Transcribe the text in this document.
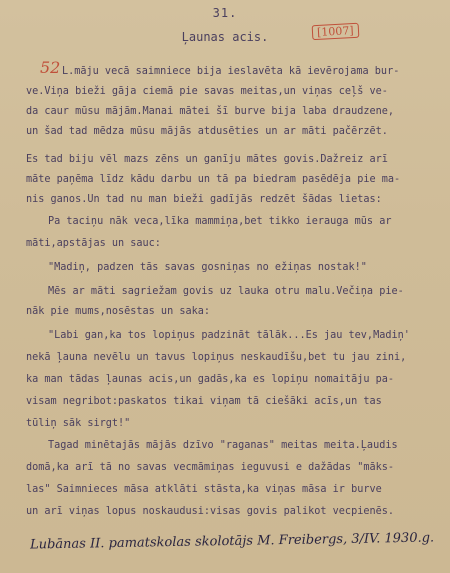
31.
Ļaunas acis.	[1007]
52 L.māju vecā saimniece bija ieslavēta kā ievērojama bur-
ve.Viņa bieži gāja ciemā pie savas meitas,un viņas ceļš ve-
da caur mūsu mājām.Manai mātei šī burve bija laba draudzene,
un šad tad mēdza mūsu mājās atdusēties un ar māti pačērzēt.
Es tad biju vēl mazs zēns un ganīju mātes govis.Dažreiz arī
māte paņēma līdz kādu darbu un tā pa biedram pasēdēja pie ma-
nis ganos.Un tad nu man bieži gadījās redzēt šādas lietas:
Pa taciņu nāk veca,līka mammiņa,bet tikko ierauga mūs ar
māti,apstājas un sauc:
"Madiņ, padzen tās savas gosniņas no ežiņas nostak!"
Mēs ar māti sagriežam govis uz lauka otru malu.Večiņa pie-
nāk pie mums,nosēstas un saka:
"Labi gan,ka tos lopiņus padzināt tālāk...Es jau tev,Madiņ'
nekā ļauna nevēlu un tavus lopiņus neskaudīšu,bet tu jau zini,
ka man tādas ļaunas acis,un gadās,ka es lopiņu nomaitāju pa-
visam negribot:paskatos tikai viņam tā ciešāki acīs,un tas
tūliņ sāk sirgt!"
Tagad minētajās mājās dzīvo "raganas" meitas meita.Ļaudis
domā,ka arī tā no savas vecmāmiņas ieguvusi e dažādas "māks-
las" Saimnieces māsa atklāti stāsta,ka viņas māsa ir burve
un arī viņas lopus noskaudusi:visas govis palikot vecpienēs.
Lubānas II. pamatskolas skolotājs M. Freibergs, 3/IV. 1930.g.
